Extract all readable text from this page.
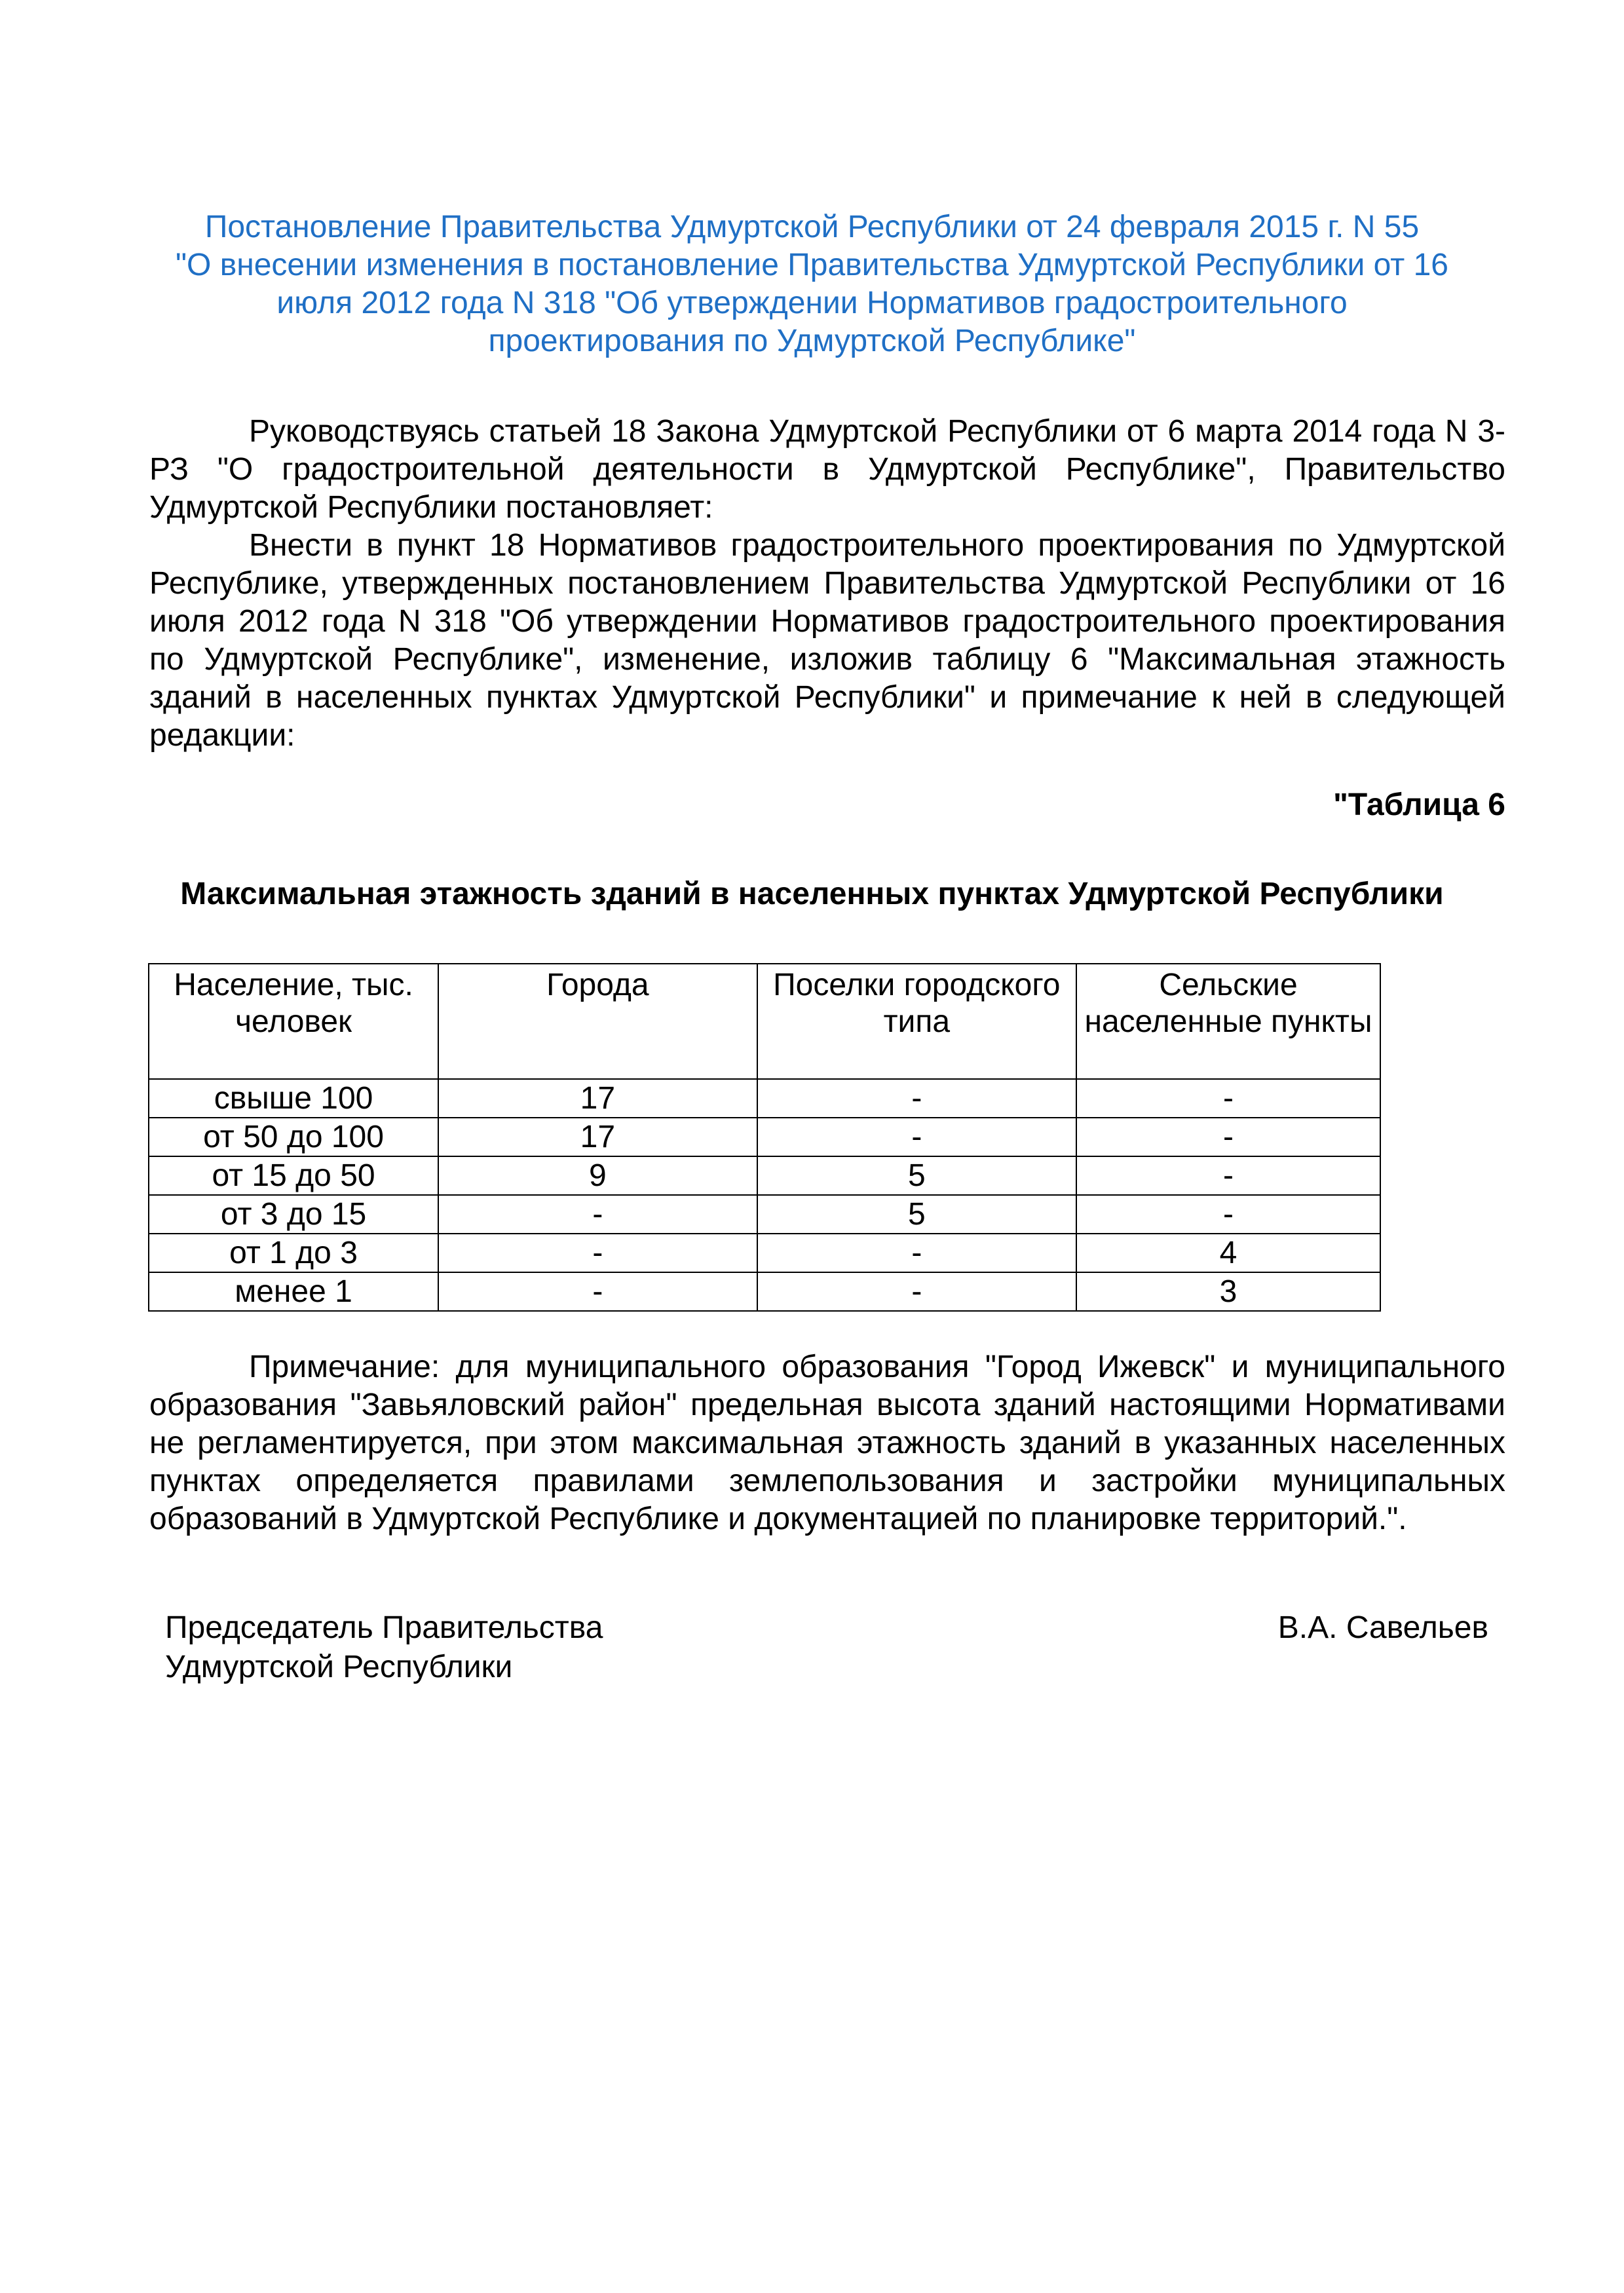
Постановление Правительства Удмуртской Республики от 24 февраля 2015 г. N 55
"О внесении изменения в постановление Правительства Удмуртской Республики от 16
июля 2012 года N 318 "Об утверждении Нормативов градостроительного
проектирования по Удмуртской Республике"

Руководствуясь статьей 18 Закона Удмуртской Республики от 6 марта 2014 года N 3-РЗ "О градостроительной деятельности в Удмуртской Республике", Правительство Удмуртской Республики постановляет:

Внести в пункт 18 Нормативов градостроительного проектирования по Удмуртской Республике, утвержденных постановлением Правительства Удмуртской Республики от 16 июля 2012 года N 318 "Об утверждении Нормативов градостроительного проектирования по Удмуртской Республике", изменение, изложив таблицу 6 "Максимальная этажность зданий в населенных пунктах Удмуртской Республики" и примечание к ней в следующей редакции:

"Таблица 6
Максимальная этажность зданий в населенных пунктах Удмуртской Республики
Население, тыс. человек	Города	Поселки городского типа	Сельские населенные пункты
свыше 100	17	-	-
от 50 до 100	17	-	-
от 15 до 50	9	5	-
от 3 до 15	-	5	-
от 1 до 3	-	-	4
менее 1	-	-	3

Примечание: для муниципального образования "Город Ижевск" и муниципального образования "Завьяловский район" предельная высота зданий настоящими Нормативами не регламентируется, при этом максимальная этажность зданий в указанных населенных пунктах определяется правилами землепользования и застройки муниципальных образований в Удмуртской Республике и документацией по планировке территорий.".

Председатель Правительства
Удмуртской Республики
В.А. Савельев
